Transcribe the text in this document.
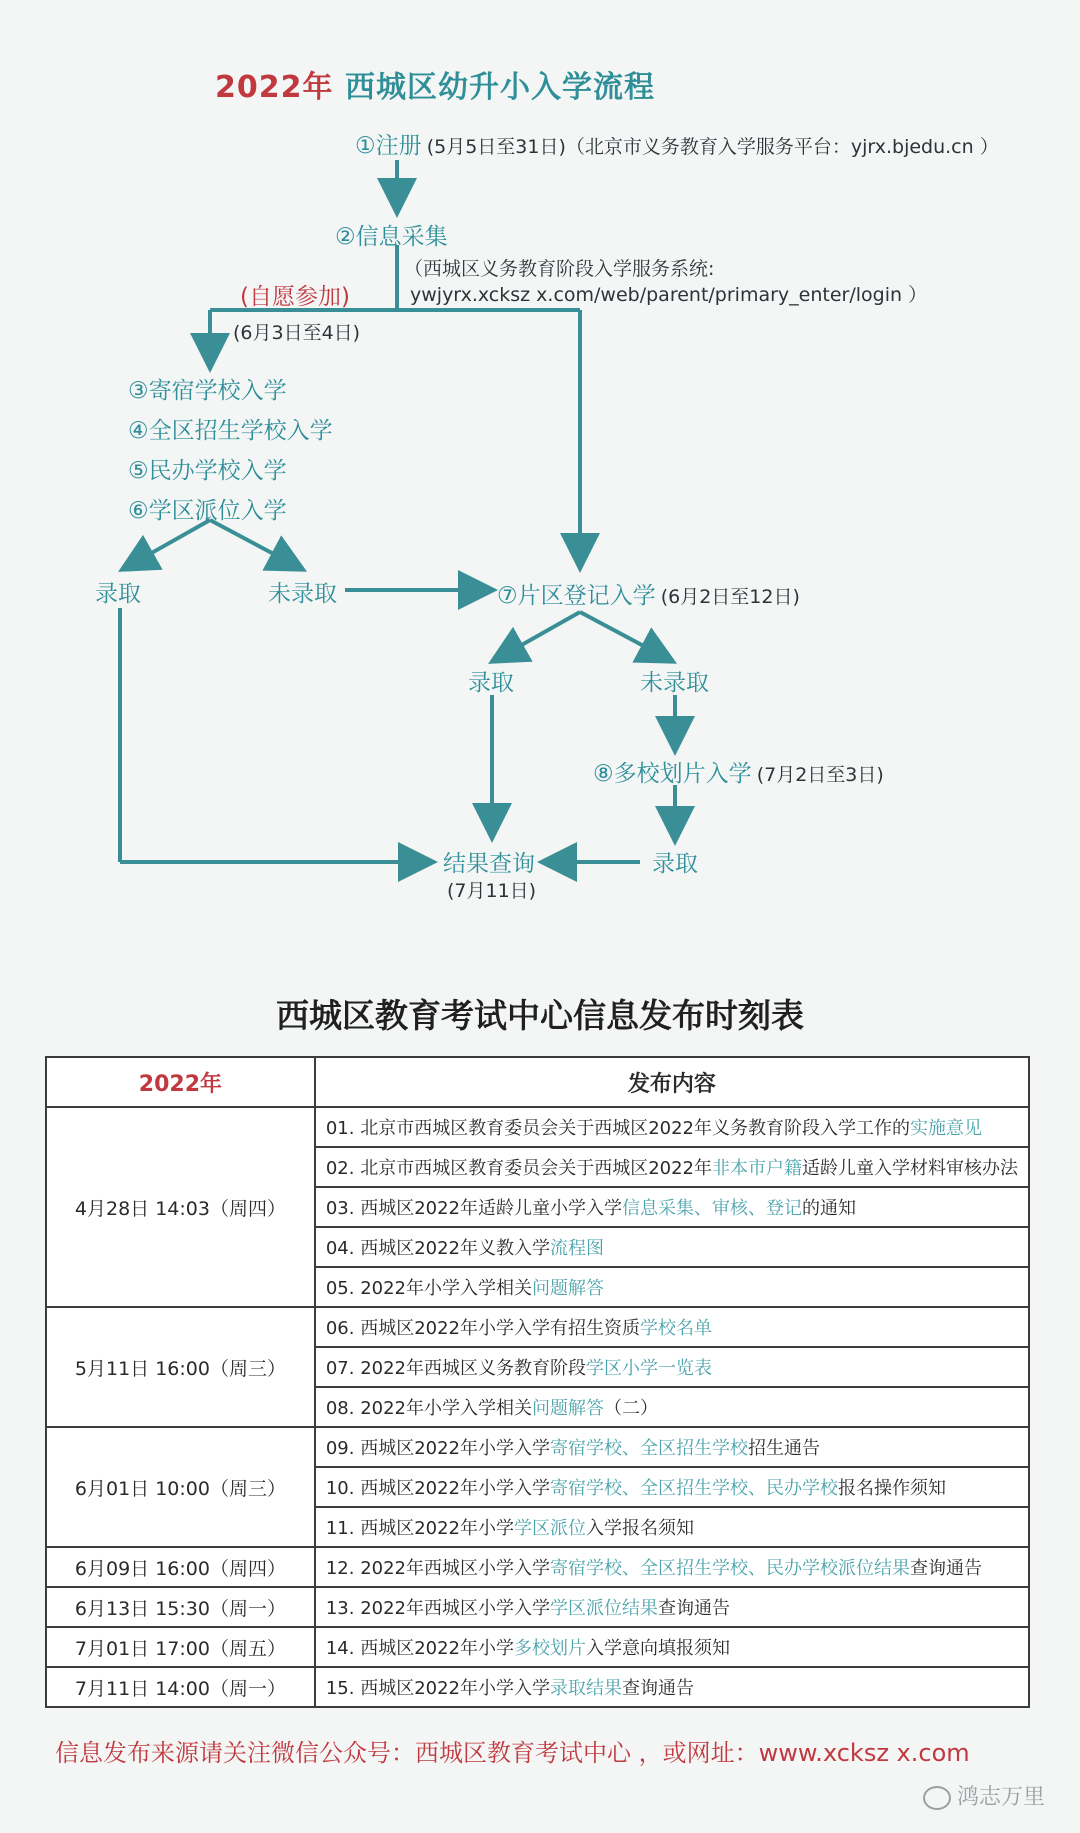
2022年 西城区幼升小入学流程
①注册 (5月5日至31日)（北京市义务教育入学服务平台：yjrx.bjedu.cn ）
②信息采集
（西城区义务教育阶段入学服务系统:
ywjyrx.xcksz x.com/web/parent/primary_enter/login ）
(自愿参加)
(6月3日至4日)
③寄宿学校入学
④全区招生学校入学
⑤民办学校入学
⑥学区派位入学
录取	未录取	⑦片区登记入学 (6月2日至12日)
录取	未录取
⑧多校划片入学 (7月2日至3日)
录取
结果查询
(7月11日)
西城区教育考试中心信息发布时刻表
2022年	发布内容
4月28日 14:03（周四）	01. 北京市西城区教育委员会关于西城区2022年义务教育阶段入学工作的实施意见
	02. 北京市西城区教育委员会关于西城区2022年非本市户籍适龄儿童入学材料审核办法
	03. 西城区2022年适龄儿童小学入学信息采集、审核、登记的通知
	04. 西城区2022年义教入学流程图
	05. 2022年小学入学相关问题解答
5月11日 16:00（周三）	06. 西城区2022年小学入学有招生资质学校名单
	07. 2022年西城区义务教育阶段学区小学一览表
	08. 2022年小学入学相关问题解答（二）
6月01日 10:00（周三）	09. 西城区2022年小学入学寄宿学校、全区招生学校招生通告
	10. 西城区2022年小学入学寄宿学校、全区招生学校、民办学校报名操作须知
	11. 西城区2022年小学学区派位入学报名须知
6月09日 16:00（周四）	12. 2022年西城区小学入学寄宿学校、全区招生学校、民办学校派位结果查询通告
6月13日 15:30（周一）	13. 2022年西城区小学入学学区派位结果查询通告
7月01日 17:00（周五）	14. 西城区2022年小学多校划片入学意向填报须知
7月11日 14:00（周一）	15. 西城区2022年小学入学录取结果查询通告
信息发布来源请关注微信公众号：西城区教育考试中心 ，或网址：www.xcksz x.com
鸿志万里
